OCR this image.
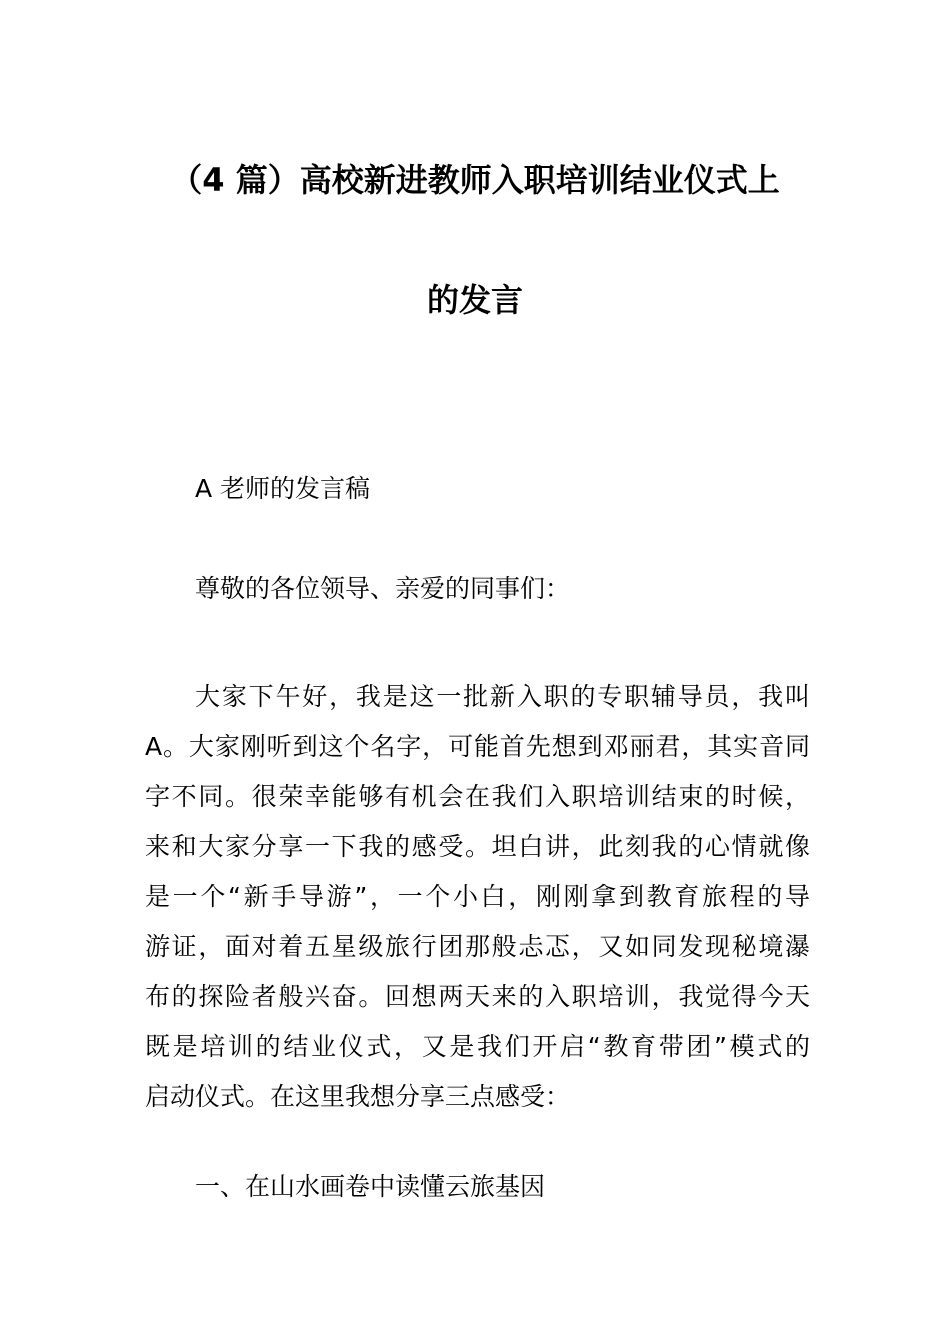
（4 篇）高校新进教师入职培训结业仪式上
的发言
A 老师的发言稿
尊敬的各位领导、亲爱的同事们：
大家下午好，我是这一批新入职的专职辅导员，我叫
A。大家刚听到这个名字，可能首先想到邓丽君，其实音同
字不同。很荣幸能够有机会在我们入职培训结束的时候，
来和大家分享一下我的感受。坦白讲，此刻我的心情就像
是一个“新手导游”，一个小白，刚刚拿到教育旅程的导
游证，面对着五星级旅行团那般忐忑，又如同发现秘境瀑
布的探险者般兴奋。回想两天来的入职培训，我觉得今天
既是培训的结业仪式，又是我们开启“教育带团”模式的
启动仪式。在这里我想分享三点感受：
一、在山水画卷中读懂云旅基因
